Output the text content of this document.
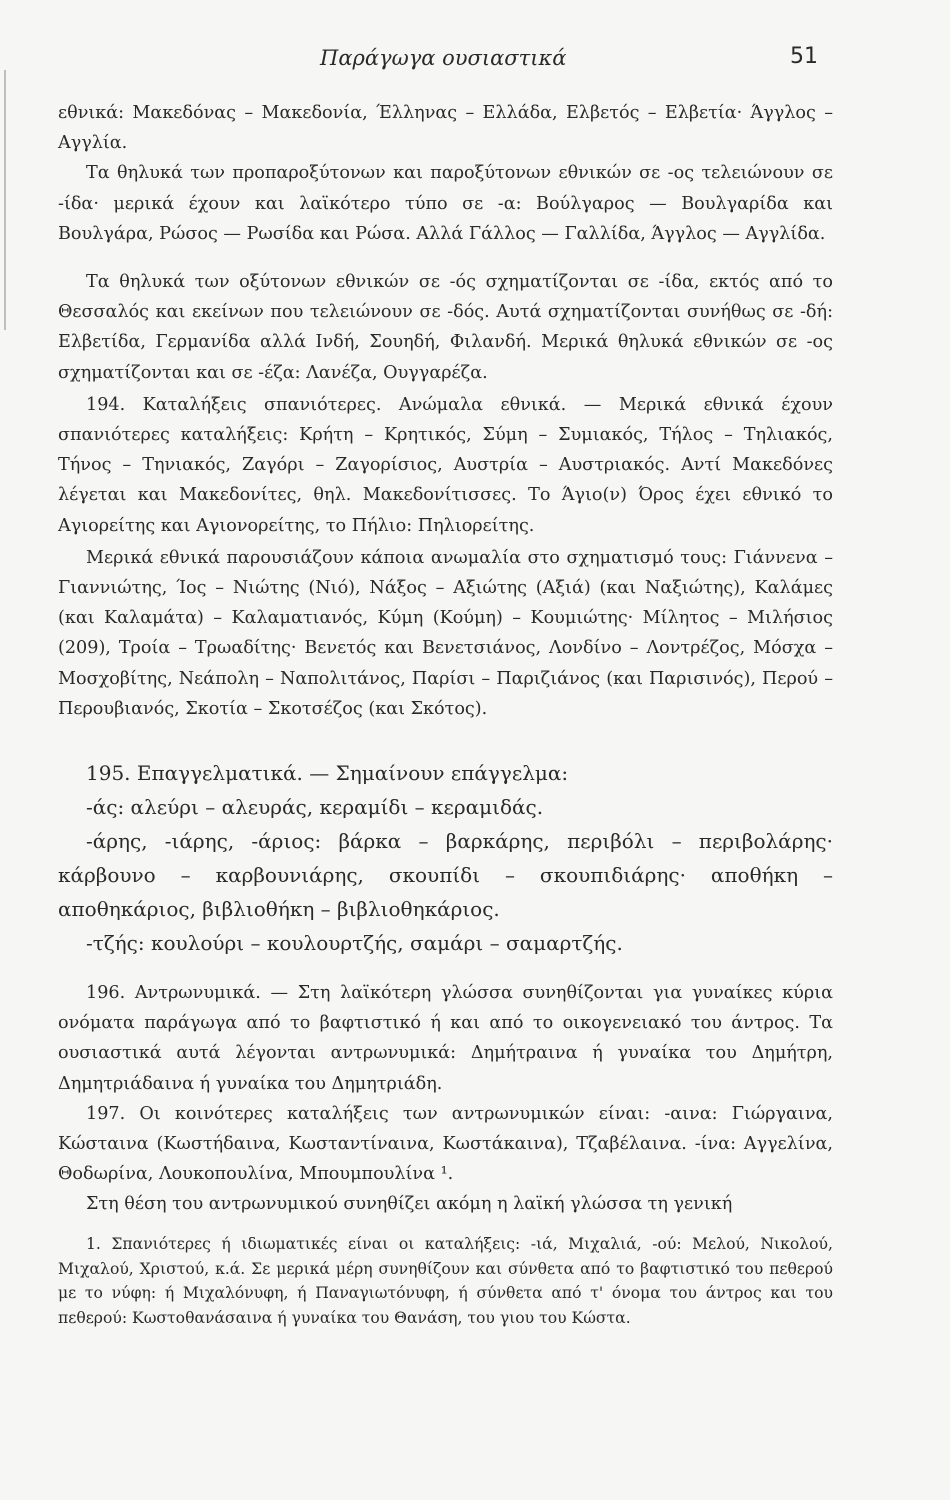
Παράγωγα ουσιαστικά	51

εθνικά: Μακεδόνας – Μακεδονία, Έλληνας – Ελλάδα, Ελβετός – Ελβετία· Άγγλος – Αγγλία.

Τα θηλυκά των προπαροξύτονων και παροξύτονων εθνικών σε -ος τελειώνουν σε -ίδα· μερικά έχουν και λαϊκότερο τύπο σε -α: Βούλγαρος — Βουλγαρίδα και Βουλγάρα, Ρώσος — Ρωσίδα και Ρώσα. Αλλά Γάλλος — Γαλλίδα, Άγγλος — Αγγλίδα.

Τα θηλυκά των οξύτονων εθνικών σε -ός σχηματίζονται σε -ίδα, εκτός από το Θεσσαλός και εκείνων που τελειώνουν σε -δός. Αυτά σχηματίζονται συνήθως σε -δή: Ελβετίδα, Γερμανίδα αλλά Ινδή, Σουηδή, Φιλανδή. Μερικά θηλυκά εθνικών σε -ος σχηματίζονται και σε -έζα: Λανέζα, Ουγγαρέζα.

194. Καταλήξεις σπανιότερες. Ανώμαλα εθνικά. — Μερικά εθνικά έχουν σπανιότερες καταλήξεις: Κρήτη – Κρητικός, Σύμη – Συμιακός, Τήλος – Τηλιακός, Τήνος – Τηνιακός, Ζαγόρι – Ζαγορίσιος, Αυστρία – Αυστριακός. Αντί Μακεδόνες λέγεται και Μακεδονίτες, θηλ. Μακεδονίτισσες. Το Άγιο(ν) Όρος έχει εθνικό το Αγιορείτης και Αγιονορείτης, το Πήλιο: Πηλιορείτης.

Μερικά εθνικά παρουσιάζουν κάποια ανωμαλία στο σχηματισμό τους: Γιάννενα – Γιαννιώτης, Ίος – Νιώτης (Νιό), Νάξος – Αξιώτης (Αξιά) (και Ναξιώτης), Καλάμες (και Καλαμάτα) – Καλαματιανός, Κύμη (Κούμη) – Κουμιώτης· Μίλητος – Μιλήσιος (209), Τροία – Τρωαδίτης· Βενετός και Βενετσιάνος, Λονδίνο – Λοντρέζος, Μόσχα – Μοσχοβίτης, Νεάπολη – Ναπολιτάνος, Παρίσι – Παριζιάνος (και Παρισινός), Περού – Περουβιανός, Σκοτία – Σκοτσέζος (και Σκότος).

195. Επαγγελματικά. — Σημαίνουν επάγγελμα:

-άς: αλεύρι – αλευράς, κεραμίδι – κεραμιδάς.

-άρης, -ιάρης, -άριος: βάρκα – βαρκάρης, περιβόλι – περιβολάρης· κάρβουνο – καρβουνιάρης, σκουπίδι – σκουπιδιάρης· αποθήκη – αποθηκάριος, βιβλιοθήκη – βιβλιοθηκάριος.

-τζής: κουλούρι – κουλουρτζής, σαμάρι – σαμαρτζής.

196. Αντρωνυμικά. — Στη λαϊκότερη γλώσσα συνηθίζονται για γυναίκες κύρια ονόματα παράγωγα από το βαφτιστικό ή και από το οικογενειακό του άντρος. Τα ουσιαστικά αυτά λέγονται αντρωνυμικά: Δημήτραινα ή γυναίκα του Δημήτρη, Δημητριάδαινα ή γυναίκα του Δημητριάδη.

197. Οι κοινότερες καταλήξεις των αντρωνυμικών είναι: -αινα: Γιώργαινα, Κώσταινα (Κωστήδαινα, Κωσταντίναινα, Κωστάκαινα), Τζαβέλαινα. -ίνα: Αγγελίνα, Θοδωρίνα, Λουκοπουλίνα, Μπουμπουλίνα ¹.

Στη θέση του αντρωνυμικού συνηθίζει ακόμη η λαϊκή γλώσσα τη γενική

1. Σπανιότερες ή ιδιωματικές είναι οι καταλήξεις: -ιά, Μιχαλιά, -ού: Μελού, Νικολού, Μιχαλού, Χριστού, κ.ά. Σε μερικά μέρη συνηθίζουν και σύνθετα από το βαφτιστικό του πεθερού με το νύφη: ή Μιχαλόνυφη, ή Παναγιωτόνυφη, ή σύνθετα από τ' όνομα του άντρος και του πεθερού: Κωστοθανάσαινα ή γυναίκα του Θανάση, του γιου του Κώστα.
